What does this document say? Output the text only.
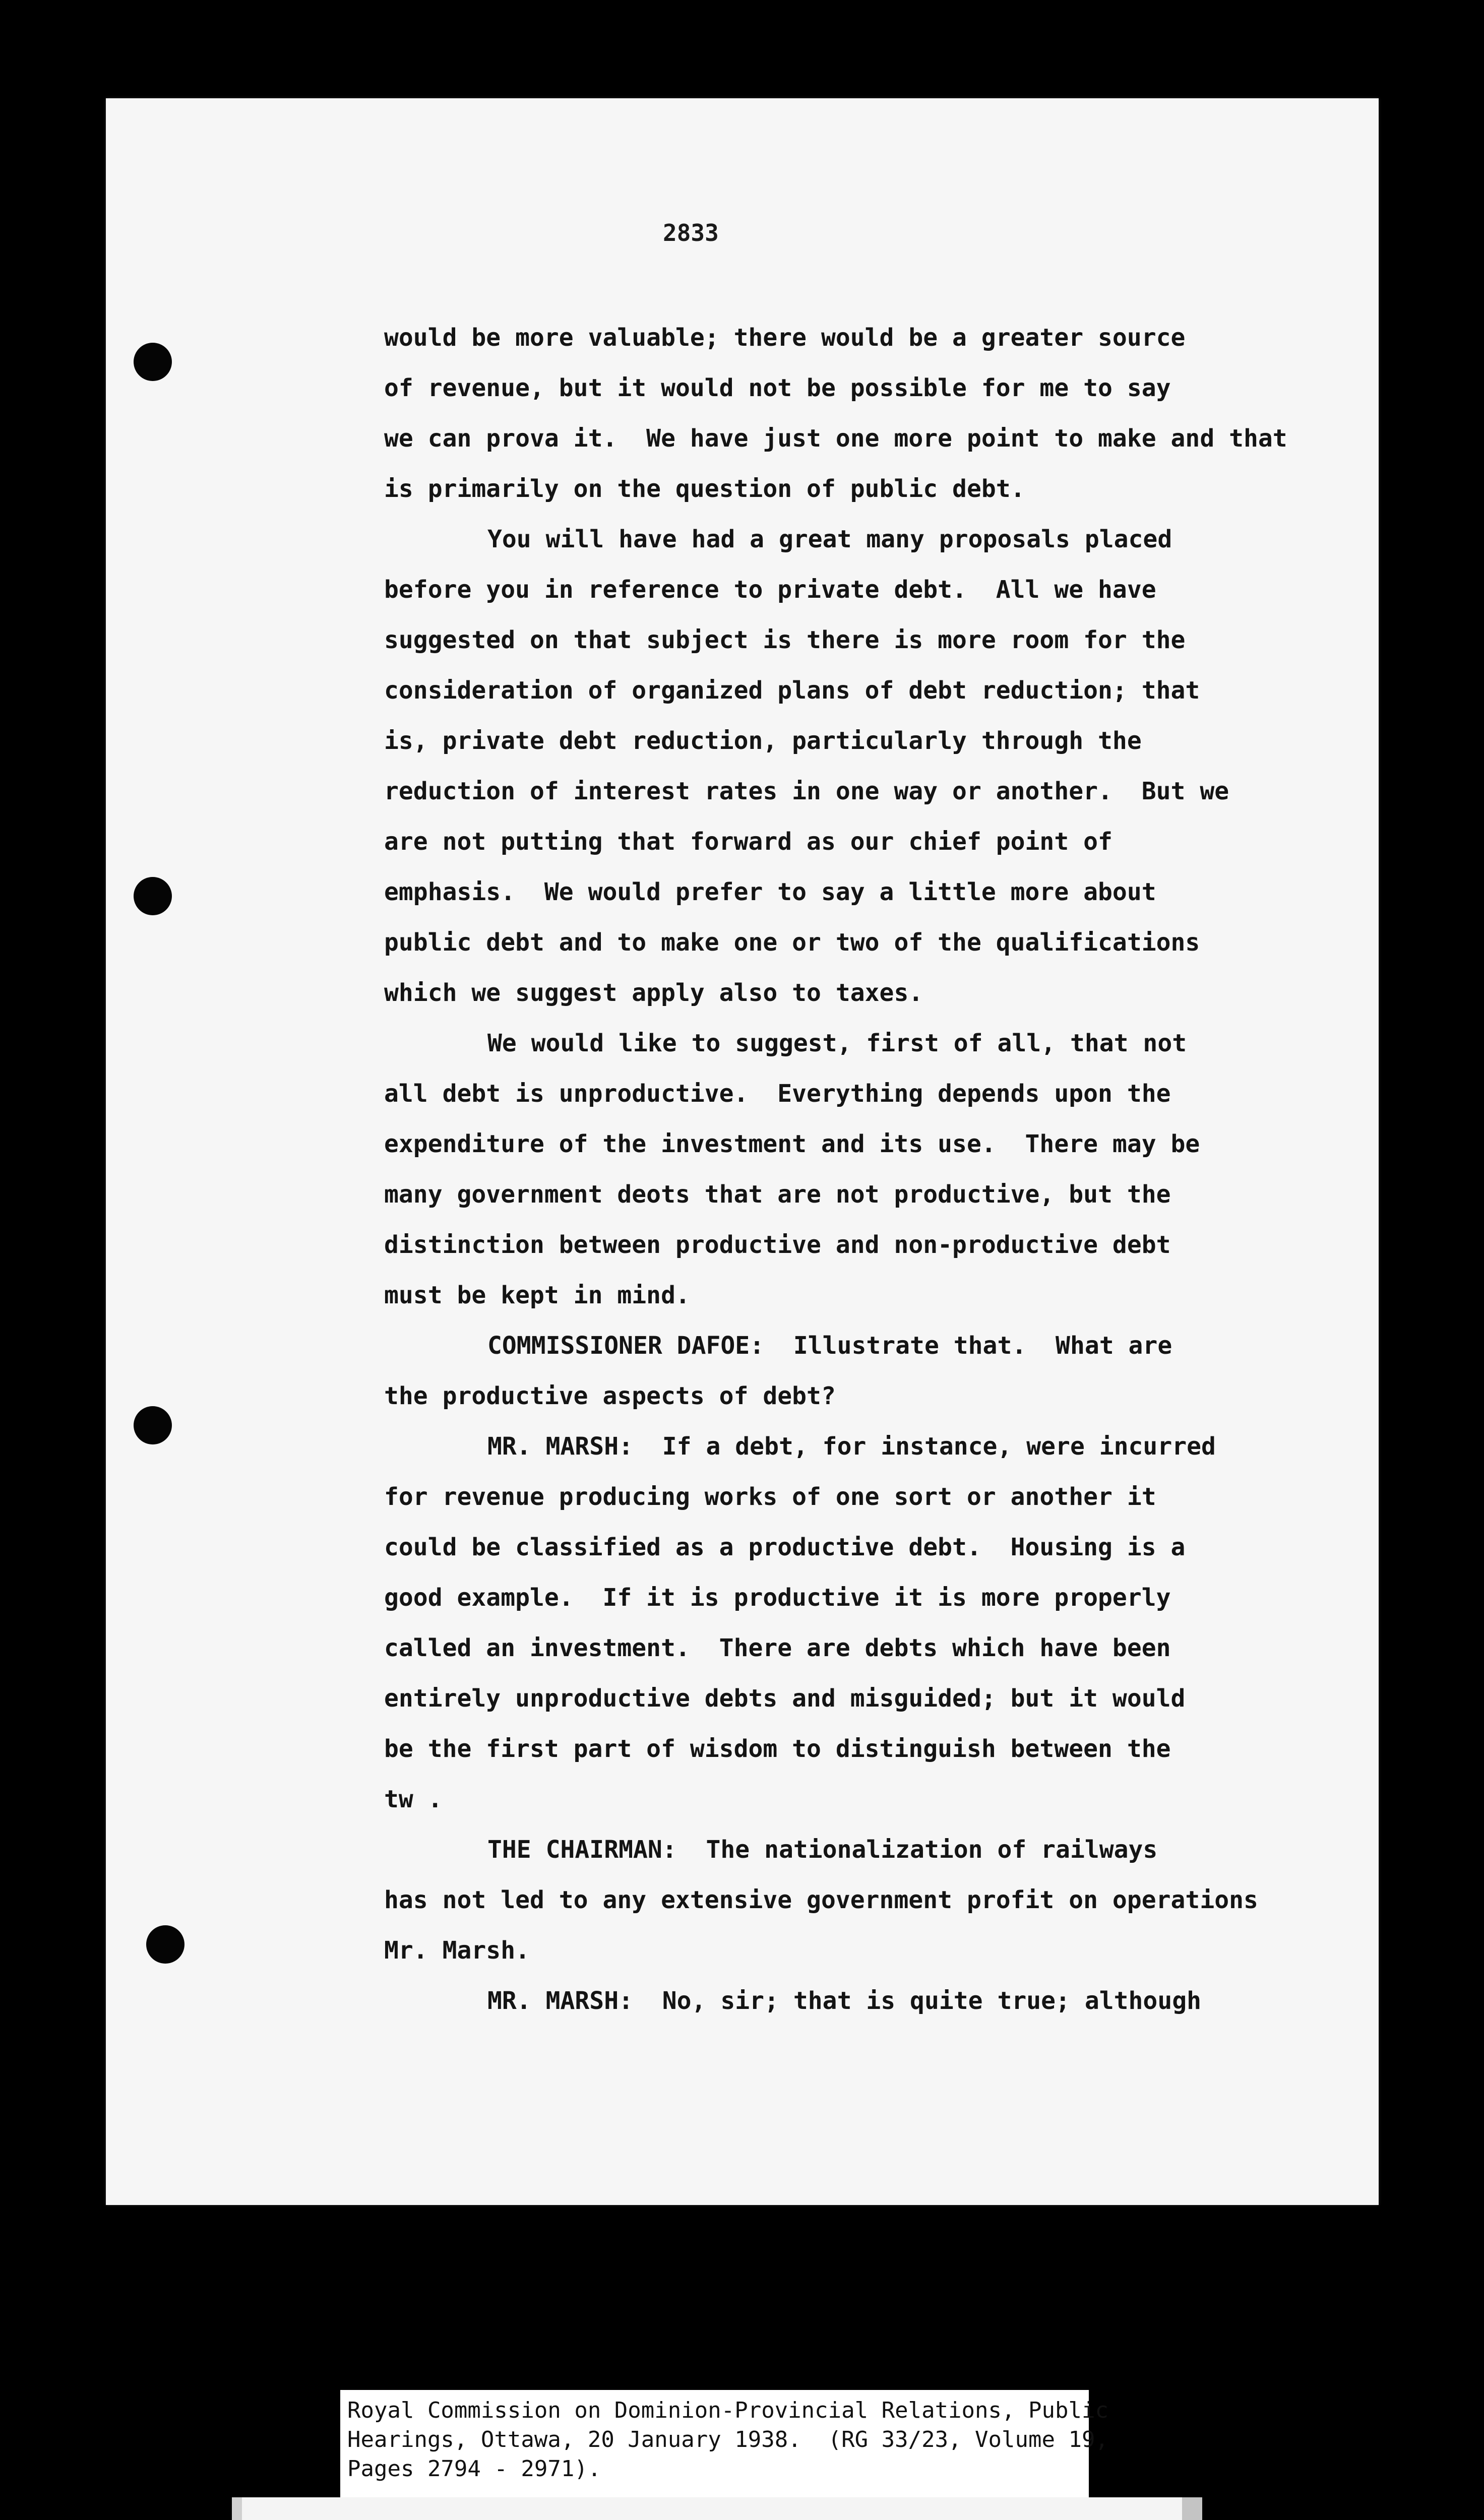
2833
would be more valuable; there would be a greater source
of revenue, but it would not be possible for me to say
we can prova it.  We have just one more point to make and that
is primarily on the question of public debt.
You will have had a great many proposals placed
before you in reference to private debt.  All we have
suggested on that subject is there is more room for the
consideration of organized plans of debt reduction; that
is, private debt reduction, particularly through the
reduction of interest rates in one way or another.  But we
are not putting that forward as our chief point of
emphasis.  We would prefer to say a little more about
public debt and to make one or two of the qualifications
which we suggest apply also to taxes.
We would like to suggest, first of all, that not
all debt is unproductive.  Everything depends upon the
expenditure of the investment and its use.  There may be
many government deots that are not productive, but the
distinction between productive and non-productive debt
must be kept in mind.
COMMISSIONER DAFOE:  Illustrate that.  What are
the productive aspects of debt?
MR. MARSH:  If a debt, for instance, were incurred
for revenue producing works of one sort or another it
could be classified as a productive debt.  Housing is a
good example.  If it is productive it is more properly
called an investment.  There are debts which have been
entirely unproductive debts and misguided; but it would
be the first part of wisdom to distinguish between the
tw .
THE CHAIRMAN:  The nationalization of railways
has not led to any extensive government profit on operations
Mr. Marsh.
MR. MARSH:  No, sir; that is quite true; although
Royal Commission on Dominion-Provincial Relations, Public
Hearings, Ottawa, 20 January 1938.  (RG 33/23, Volume 19,
Pages 2794 - 2971).
